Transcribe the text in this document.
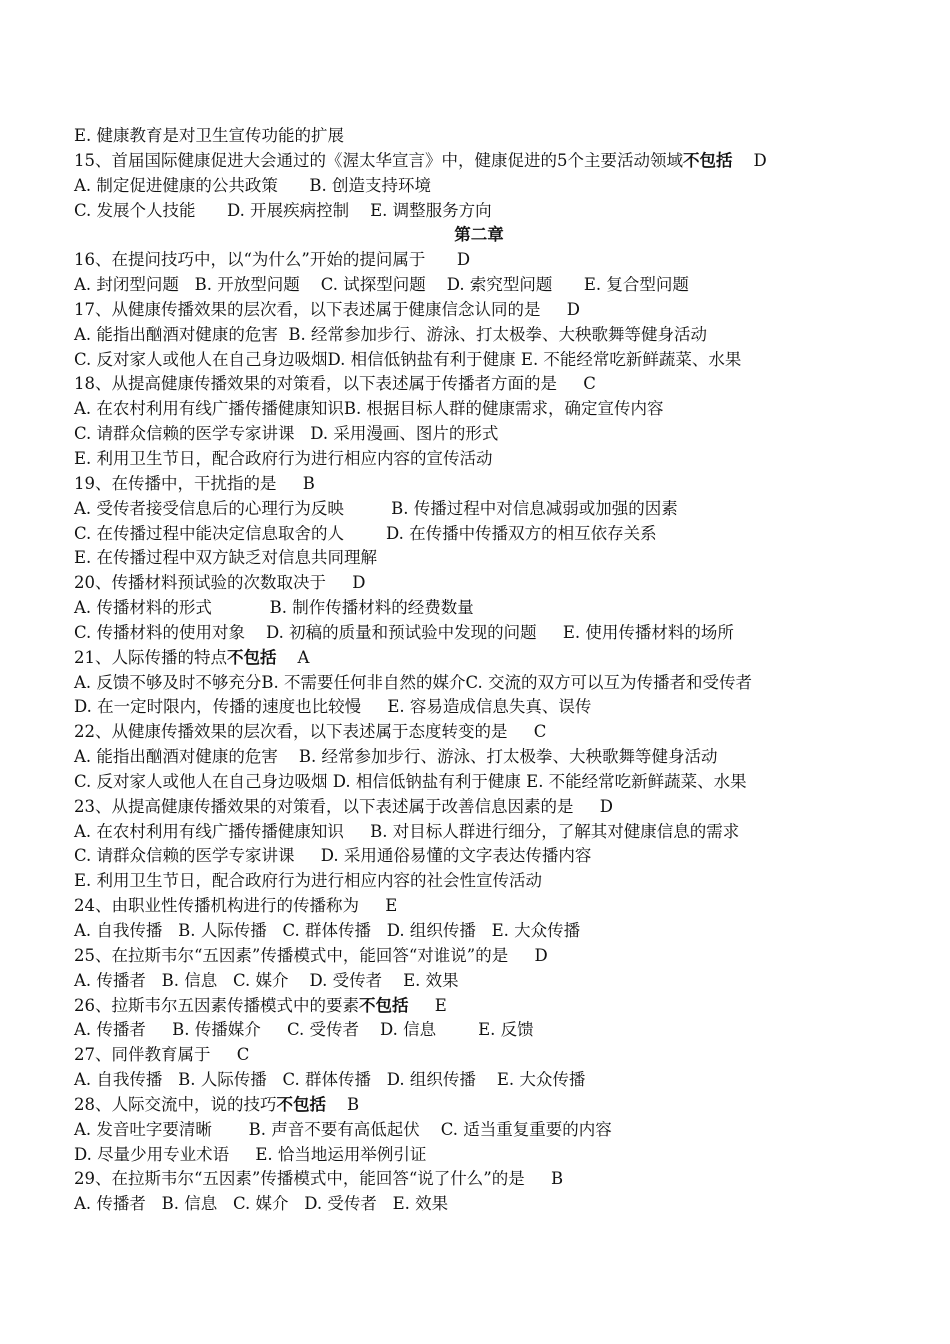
E. 健康教育是对卫生宣传功能的扩展
15、首届国际健康促进大会通过的《渥太华宣言》中，健康促进的5个主要活动领域不包括    D
A. 制定促进健康的公共政策      B. 创造支持环境
C. 发展个人技能      D. 开展疾病控制    E. 调整服务方向
第二章
16、在提问技巧中，以“为什么”开始的提问属于      D
A. 封闭型问题   B. 开放型问题    C. 试探型问题    D. 索究型问题      E. 复合型问题
17、从健康传播效果的层次看，以下表述属于健康信念认同的是     D
A. 能指出酗酒对健康的危害  B. 经常参加步行、游泳、打太极拳、大秧歌舞等健身活动
C. 反对家人或他人在自己身边吸烟D. 相信低钠盐有利于健康 E. 不能经常吃新鲜蔬菜、水果
18、从提高健康传播效果的对策看，以下表述属于传播者方面的是     C
A. 在农村利用有线广播传播健康知识B. 根据目标人群的健康需求，确定宣传内容
C. 请群众信赖的医学专家讲课   D. 采用漫画、图片的形式
E. 利用卫生节日，配合政府行为进行相应内容的宣传活动
19、在传播中，干扰指的是     B
A. 受传者接受信息后的心理行为反映         B. 传播过程中对信息减弱或加强的因素
C. 在传播过程中能决定信息取舍的人        D. 在传播中传播双方的相互依存关系
E. 在传播过程中双方缺乏对信息共同理解
20、传播材料预试验的次数取决于     D
A. 传播材料的形式           B. 制作传播材料的经费数量
C. 传播材料的使用对象    D. 初稿的质量和预试验中发现的问题     E. 使用传播材料的场所
21、人际传播的特点不包括    A
A. 反馈不够及时不够充分B. 不需要任何非自然的媒介C. 交流的双方可以互为传播者和受传者
D. 在一定时限内，传播的速度也比较慢     E. 容易造成信息失真、误传
22、从健康传播效果的层次看，以下表述属于态度转变的是     C
A. 能指出酗酒对健康的危害    B. 经常参加步行、游泳、打太极拳、大秧歌舞等健身活动
C. 反对家人或他人在自己身边吸烟 D. 相信低钠盐有利于健康 E. 不能经常吃新鲜蔬菜、水果
23、从提高健康传播效果的对策看，以下表述属于改善信息因素的是     D
A. 在农村利用有线广播传播健康知识     B. 对目标人群进行细分，了解其对健康信息的需求
C. 请群众信赖的医学专家讲课     D. 采用通俗易懂的文字表达传播内容
E. 利用卫生节日，配合政府行为进行相应内容的社会性宣传活动
24、由职业性传播机构进行的传播称为     E
A. 自我传播   B. 人际传播   C. 群体传播   D. 组织传播   E. 大众传播
25、在拉斯韦尔“五因素”传播模式中，能回答“对谁说”的是     D
A. 传播者   B. 信息   C. 媒介    D. 受传者    E. 效果
26、拉斯韦尔五因素传播模式中的要素不包括     E
A. 传播者     B. 传播媒介     C. 受传者    D. 信息        E. 反馈
27、同伴教育属于     C
A. 自我传播   B. 人际传播   C. 群体传播   D. 组织传播    E. 大众传播
28、人际交流中，说的技巧不包括    B
A. 发音吐字要清晰       B. 声音不要有高低起伏    C. 适当重复重要的内容
D. 尽量少用专业术语     E. 恰当地运用举例引证
29、在拉斯韦尔“五因素”传播模式中，能回答“说了什么”的是     B
A. 传播者   B. 信息   C. 媒介   D. 受传者   E. 效果
